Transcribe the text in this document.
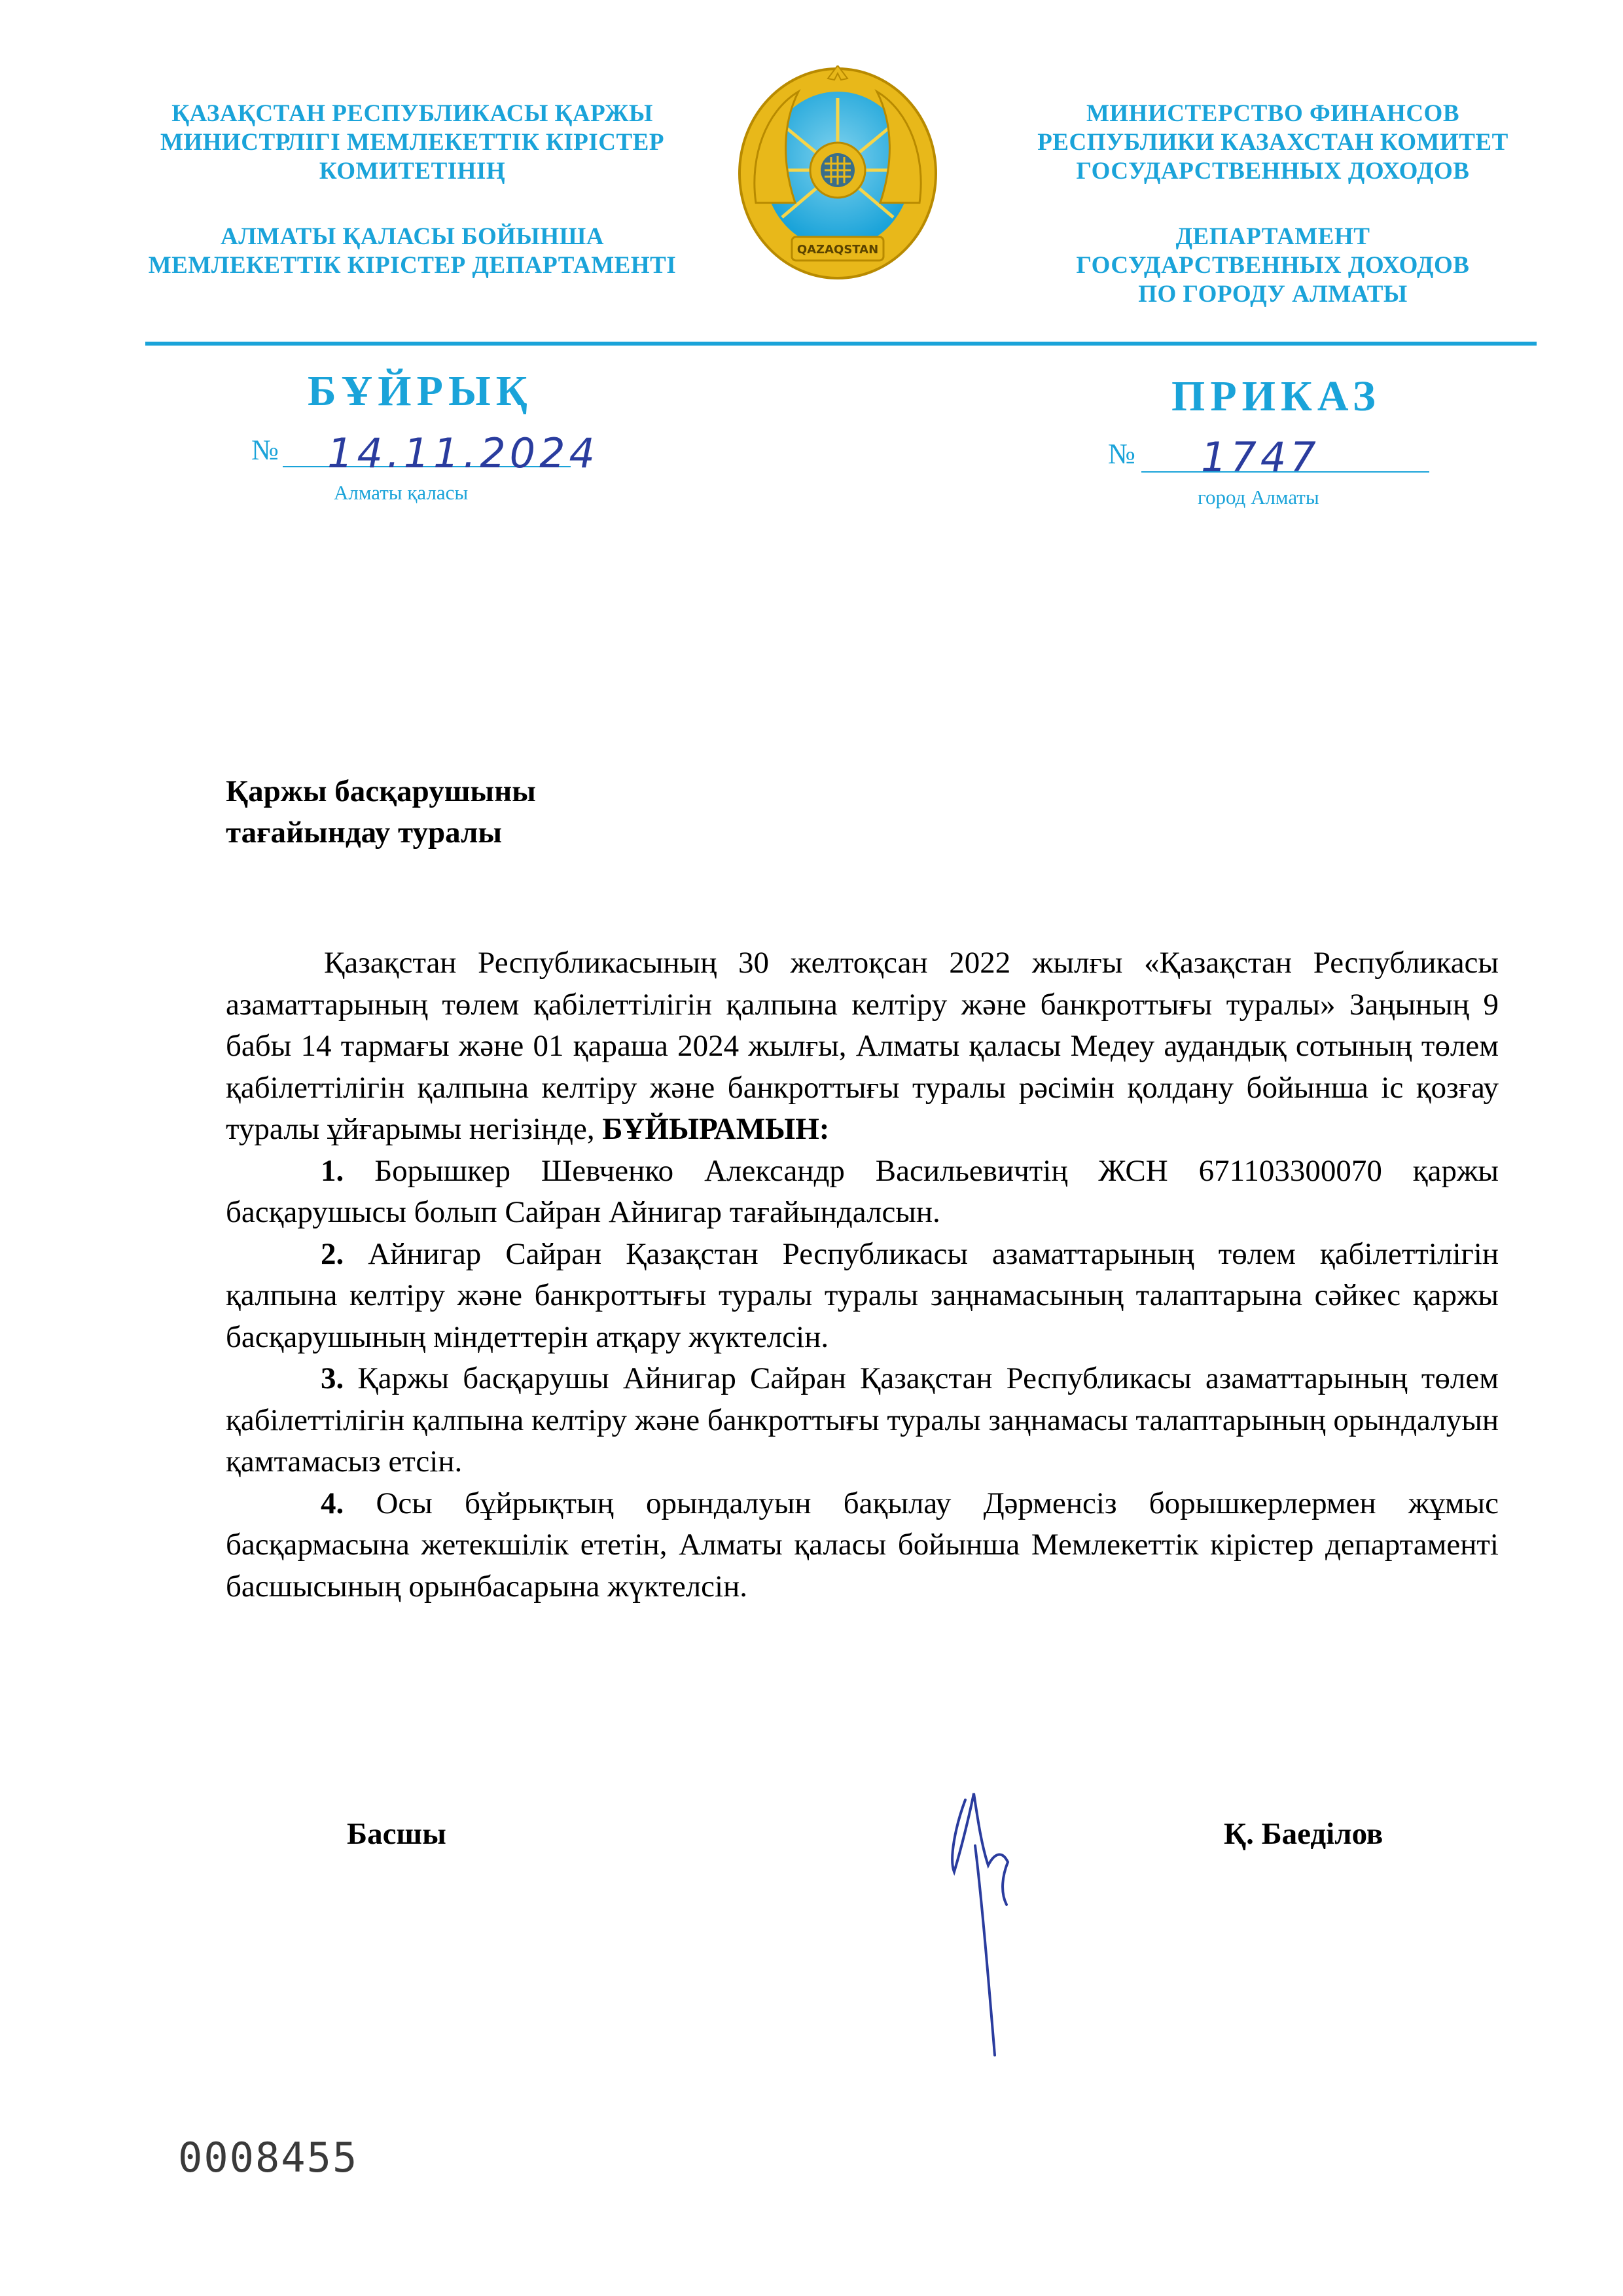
ҚАЗАҚСТАН РЕСПУБЛИКАСЫ ҚАРЖЫ
МИНИСТРЛІГІ МЕМЛЕКЕТТІК КІРІСТЕР
КОМИТЕТІНІҢ
АЛМАТЫ ҚАЛАСЫ БОЙЫНША
МЕМЛЕКЕТТІК КІРІСТЕР ДЕПАРТАМЕНТІ
QAZAQSTAN
МИНИСТЕРСТВО ФИНАНСОВ
РЕСПУБЛИКИ КАЗАХСТАН КОМИТЕТ
ГОСУДАРСТВЕННЫХ ДОХОДОВ
ДЕПАРТАМЕНТ
ГОСУДАРСТВЕННЫХ ДОХОДОВ
ПО ГОРОДУ АЛМАТЫ
БҰЙРЫҚ	ПРИКАЗ
№ 14.11.2024
Алматы қаласы
№ 1747
город Алматы
Қаржы басқарушыны
тағайындау туралы

Қазақстан Республикасының 30 желтоқсан 2022 жылғы «Қазақстан Республикасы азаматтарының төлем қабілеттілігін қалпына келтіру және банкроттығы туралы» Заңының 9 бабы 14 тармағы және 01 қараша 2024 жылғы, Алматы қаласы Медеу аудандық сотының төлем қабілеттілігін қалпына келтіру және банкроттығы туралы рәсімін қолдану бойынша іс қозғау туралы ұйғарымы негізінде, БҰЙЫРАМЫН:

1. Борышкер Шевченко Александр Васильевичтің ЖСН 671103300070 қаржы басқарушысы болып Сайран Айнигар тағайындалсын.

2. Айнигар Сайран Қазақстан Республикасы азаматтарының төлем қабілеттілігін қалпына келтіру және банкроттығы туралы туралы заңнамасының талаптарына сәйкес қаржы басқарушының міндеттерін атқару жүктелсін.

3. Қаржы басқарушы Айнигар Сайран Қазақстан Республикасы азаматтарының төлем қабілеттілігін қалпына келтіру және банкроттығы туралы заңнамасы талаптарының орындалуын қамтамасыз етсін.

4. Осы бұйрықтың орындалуын бақылау Дәрменсіз борышкерлермен жұмыс басқармасына жетекшілік ететін, Алматы қаласы бойынша Мемлекеттік кірістер департаменті басшысының орынбасарына жүктелсін.

Басшы	Қ. Баеділов
0008455
